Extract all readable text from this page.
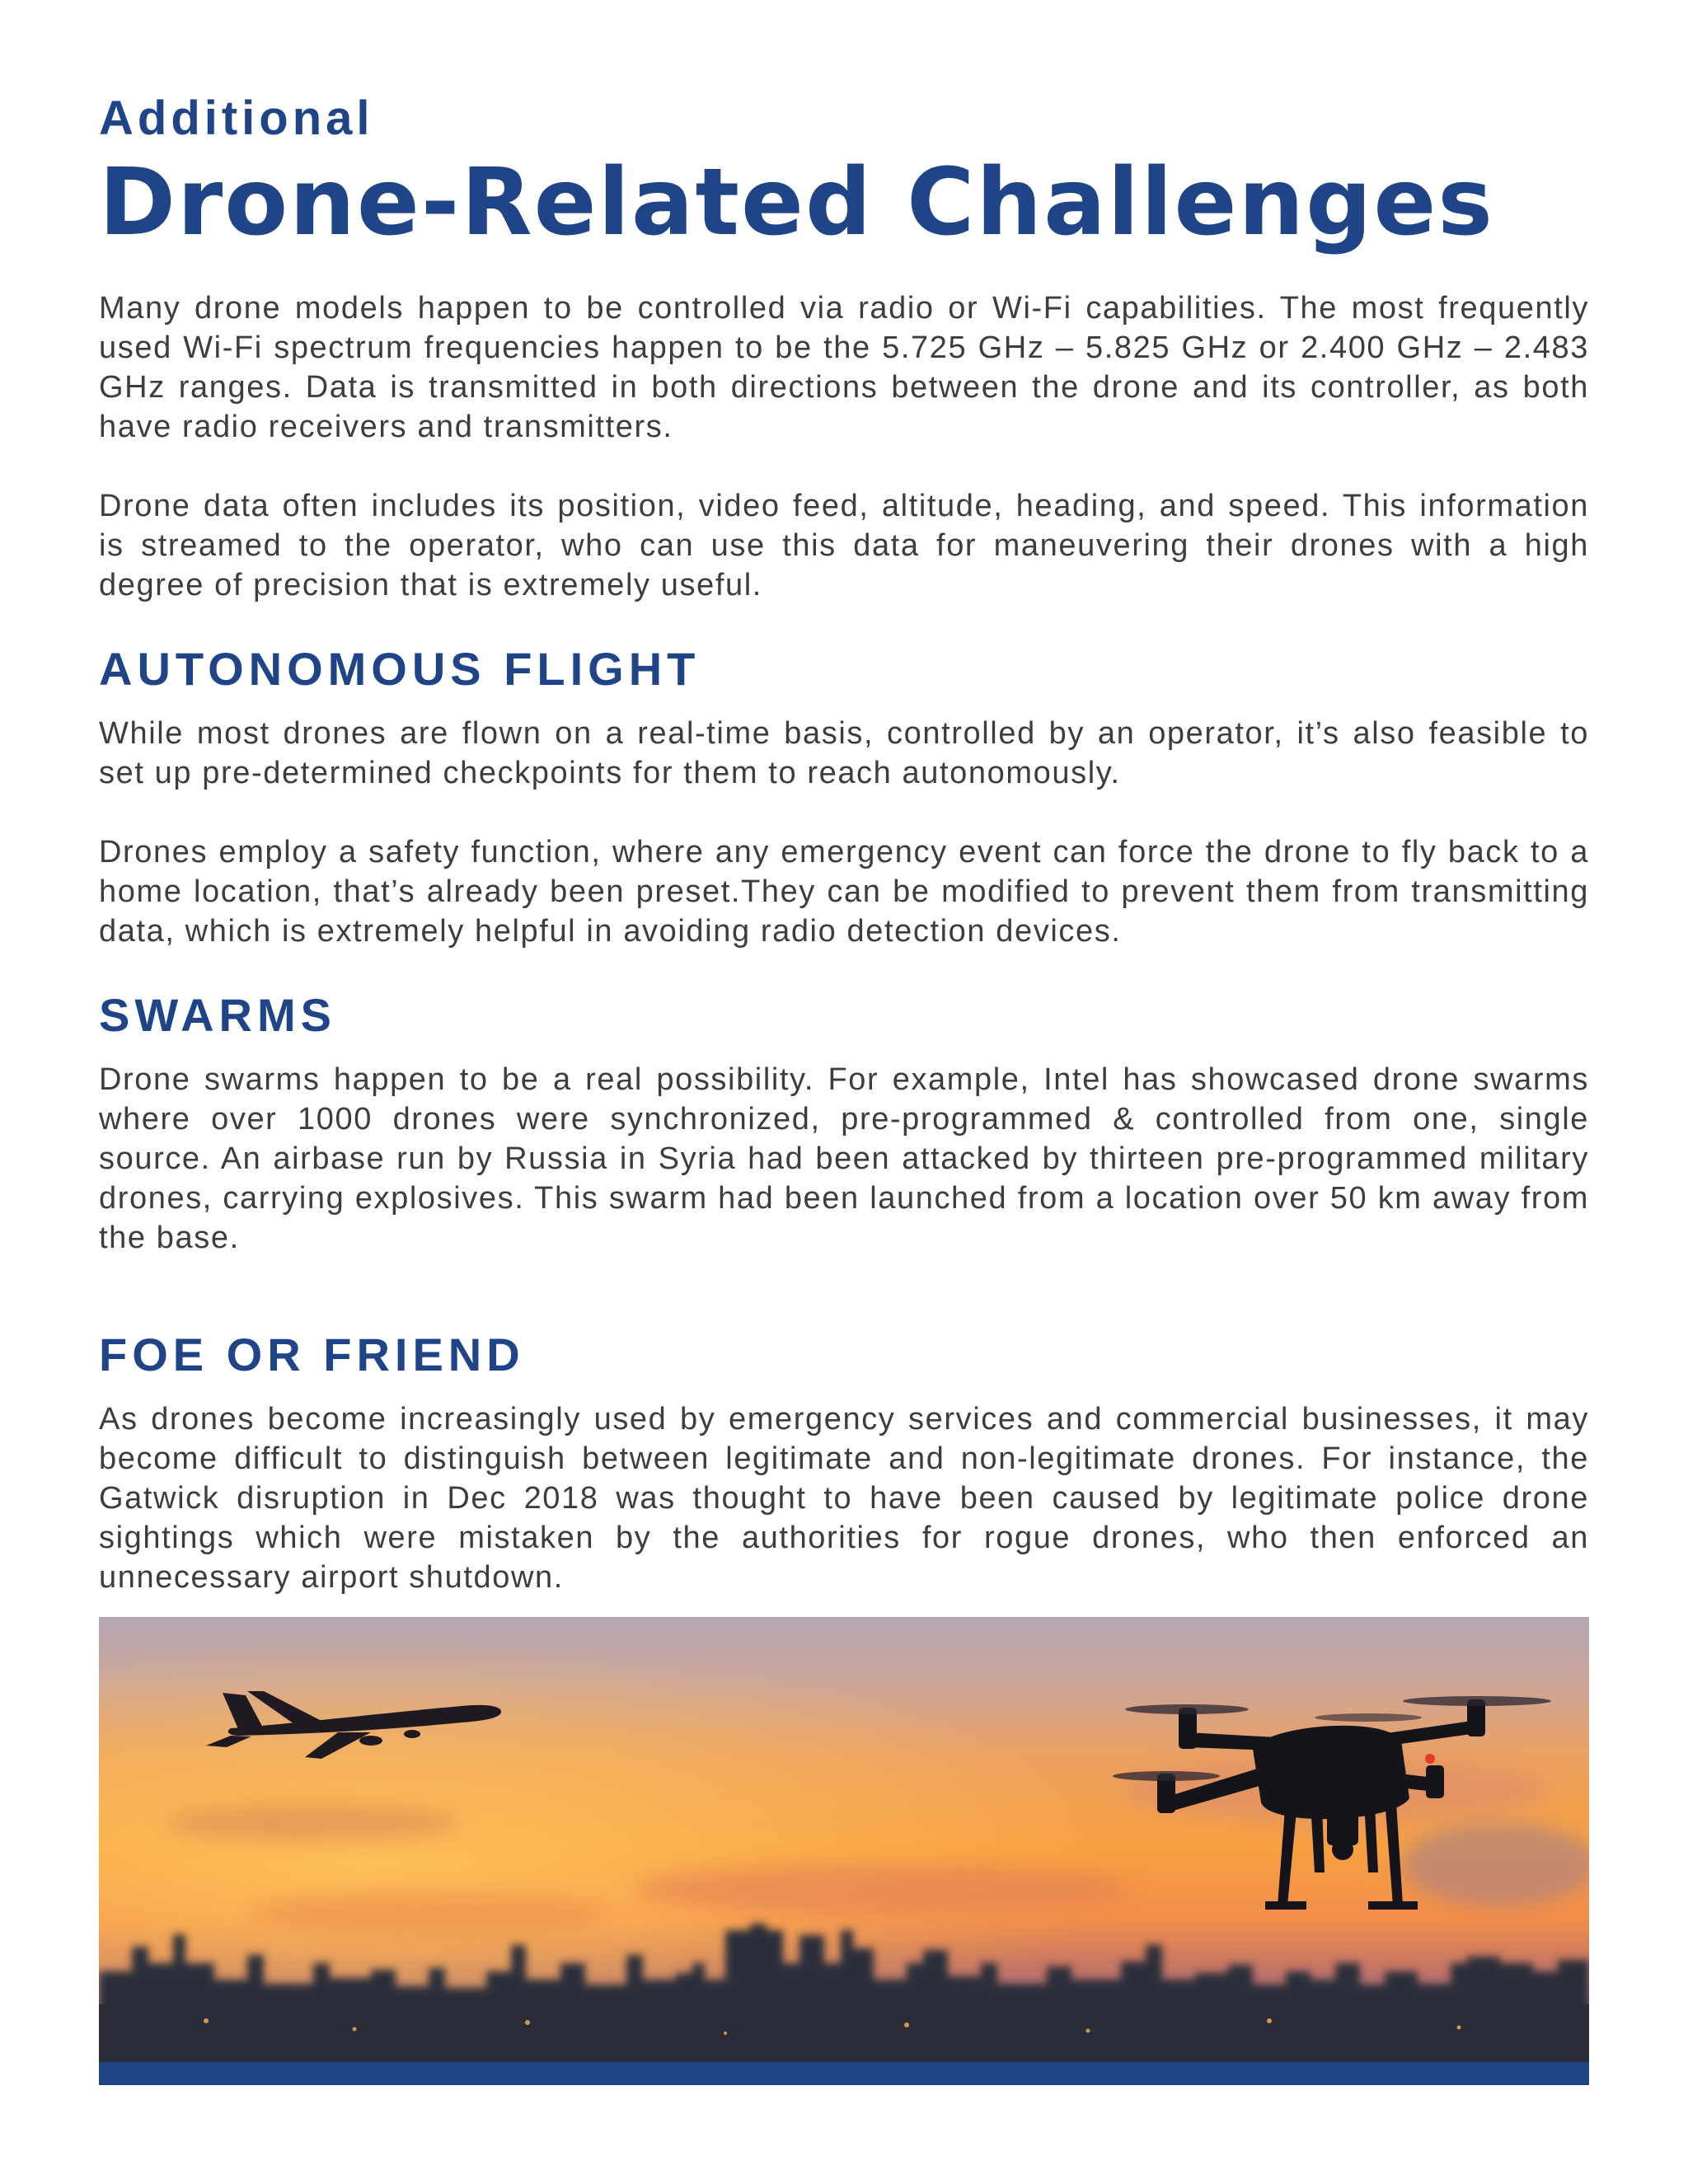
Additional
Drone-Related Challenges

Many drone models happen to be controlled via radio or Wi-Fi capabilities. The most frequently used Wi-Fi spectrum frequencies happen to be the 5.725 GHz – 5.825 GHz or 2.400 GHz – 2.483 GHz ranges. Data is transmitted in both directions between the drone and its controller, as both have radio receivers and transmitters.

Drone data often includes its position, video feed, altitude, heading, and speed. This information is streamed to the operator, who can use this data for maneuvering their drones with a high degree of precision that is extremely useful.

AUTONOMOUS FLIGHT

While most drones are flown on a real-time basis, controlled by an operator, it’s also feasible to set up pre-determined checkpoints for them to reach autonomously.

Drones employ a safety function, where any emergency event can force the drone to fly back to a home location, that’s already been preset.They can be modified to prevent them from transmitting data, which is extremely helpful in avoiding radio detection devices.

SWARMS

Drone swarms happen to be a real possibility. For example, Intel has showcased drone swarms where over 1000 drones were synchronized, pre-programmed & controlled from one, single source. An airbase run by Russia in Syria had been attacked by thirteen pre-programmed military drones, carrying explosives. This swarm had been launched from a location over 50 km away from the base.

FOE OR FRIEND

As drones become increasingly used by emergency services and commercial businesses, it may become difficult to distinguish between legitimate and non-legitimate drones. For instance, the Gatwick disruption in Dec 2018 was thought to have been caused by legitimate police drone sightings which were mistaken by the authorities for rogue drones, who then enforced an unnecessary airport shutdown.
